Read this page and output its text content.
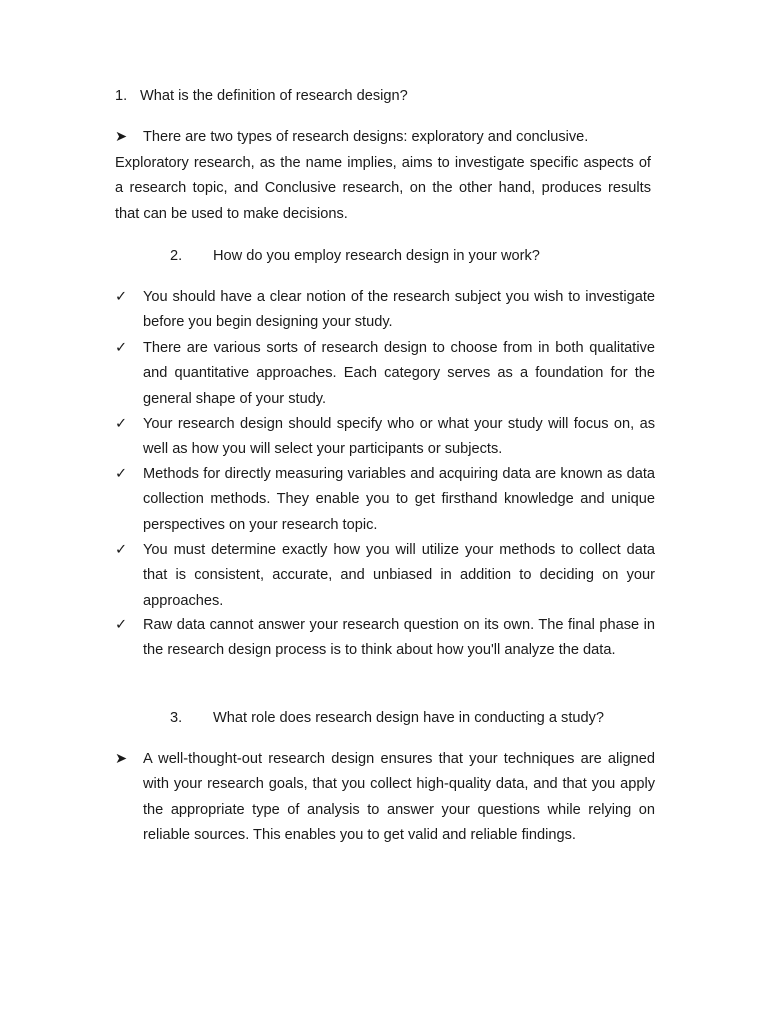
1. What is the definition of research design?

➤	There are two types of research designs: exploratory and conclusive.

Exploratory research, as the name implies, aims to investigate specific aspects of a research topic, and Conclusive research, on the other hand, produces results that can be used to make decisions.

2. How do you employ research design in your work?

✓	You should have a clear notion of the research subject you wish to investigate before you begin designing your study.
✓	There are various sorts of research design to choose from in both qualitative and quantitative approaches. Each category serves as a foundation for the general shape of your study.
✓	Your research design should specify who or what your study will focus on, as well as how you will select your participants or subjects.
✓	Methods for directly measuring variables and acquiring data are known as data collection methods. They enable you to get firsthand knowledge and unique perspectives on your research topic.
✓	You must determine exactly how you will utilize your methods to collect data that is consistent, accurate, and unbiased in addition to deciding on your approaches.
✓	Raw data cannot answer your research question on its own. The final phase in the research design process is to think about how you'll analyze the data.

3. What role does research design have in conducting a study?

➤	A well-thought-out research design ensures that your techniques are aligned with your research goals, that you collect high-quality data, and that you apply the appropriate type of analysis to answer your questions while relying on reliable sources. This enables you to get valid and reliable findings.
